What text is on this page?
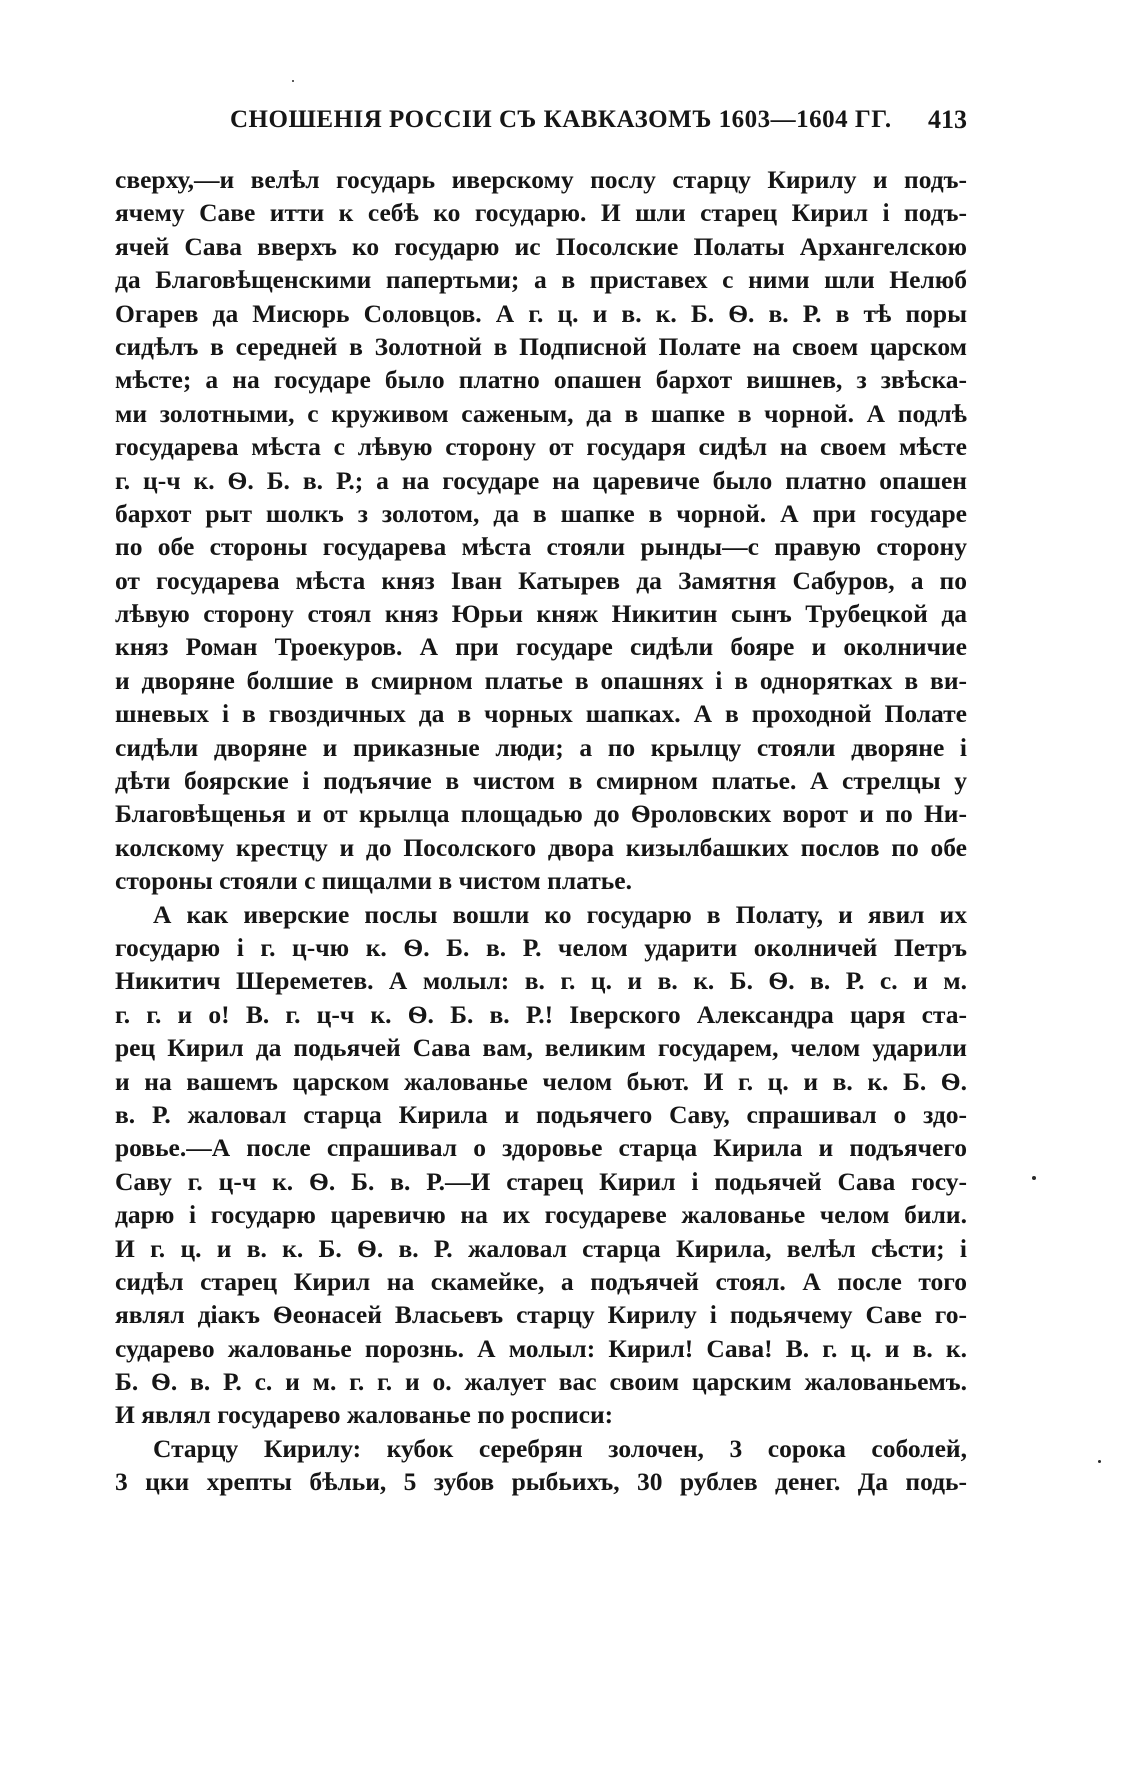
СНОШЕНІЯ РОССІИ СЪ КАВКАЗОМЪ 1603—1604 ГГ. 413
сверху,—и велѣл государь иверскому послу старцу Кирилу и подъ-
ячему Саве итти к себѣ ко государю. И шли старец Кирил і подъ-
ячей Сава вверхъ ко государю ис Посолские Полаты Архангелскою
да Благовѣщенскими папертьми; а в приставех с ними шли Нелюб
Огарев да Мисюрь Соловцов. А г. ц. и в. к. Б. Ѳ. в. Р. в тѣ поры
сидѣлъ в середней в Золотной в Подписной Полате на своем царском
мѣсте; а на государе было платно опашен бархот вишнев, з звѣска-
ми золотными, с круживом саженым, да в шапке в чорной. А подлѣ
государева мѣста с лѣвую сторону от государя сидѣл на своем мѣсте
г. ц-ч к. Ѳ. Б. в. Р.; а на государе на царевиче было платно опашен
бархот рыт шолкъ з золотом, да в шапке в чорной. А при государе
по обе стороны государева мѣста стояли рынды—с правую сторону
от государева мѣста княз Іван Катырев да Замятня Сабуров, а по
лѣвую сторону стоял княз Юрьи княж Никитин сынъ Трубецкой да
княз Роман Троекуров. А при государе сидѣли бояре и околничие
и дворяне болшие в смирном платье в опашнях і в однорятках в ви-
шневых і в гвоздичных да в чорных шапках. А в проходной Полате
сидѣли дворяне и приказные люди; а по крылцу стояли дворяне і
дѣти боярские і подъячие в чистом в смирном платье. А стрелцы у
Благовѣщенья и от крылца площадью до Ѳроловских ворот и по Ни-
колскому крестцу и до Посолского двора кизылбашких послов по обе
стороны стояли с пищалми в чистом платье.
А как иверские послы вошли ко государю в Полату, и явил их
государю і г. ц-чю к. Ѳ. Б. в. Р. челом ударити околничей Петръ
Никитич Шереметев. А молыл: в. г. ц. и в. к. Б. Ѳ. в. Р. с. и м.
г. г. и о! В. г. ц-ч к. Ѳ. Б. в. Р.! Іверского Александра царя ста-
рец Кирил да подьячей Сава вам, великим государем, челом ударили
и на вашемъ царском жалованье челом бьют. И г. ц. и в. к. Б. Ѳ.
в. Р. жаловал старца Кирила и подьячего Саву, спрашивал о здо-
ровье.—А после спрашивал о здоровье старца Кирила и подъячего
Саву г. ц-ч к. Ѳ. Б. в. Р.—И старец Кирил і подьячей Сава госу-
дарю і государю царевичю на их государеве жалованье челом били.
И г. ц. и в. к. Б. Ѳ. в. Р. жаловал старца Кирила, велѣл сѣсти; і
сидѣл старец Кирил на скамейке, а подъячей стоял. А после того
являл діакъ Ѳеонасей Власьевъ старцу Кирилу і подьячему Саве го-
сударево жалованье порознь. А молыл: Кирил! Сава! В. г. ц. и в. к.
Б. Ѳ. в. Р. с. и м. г. г. и о. жалует вас своим царским жалованьемъ.
И являл государево жалованье по росписи:
Старцу Кирилу: кубок серебрян золочен, 3 сорока соболей,
3 цки хрепты бѣльи, 5 зубов рыбьихъ, 30 рублев денег. Да подь-
